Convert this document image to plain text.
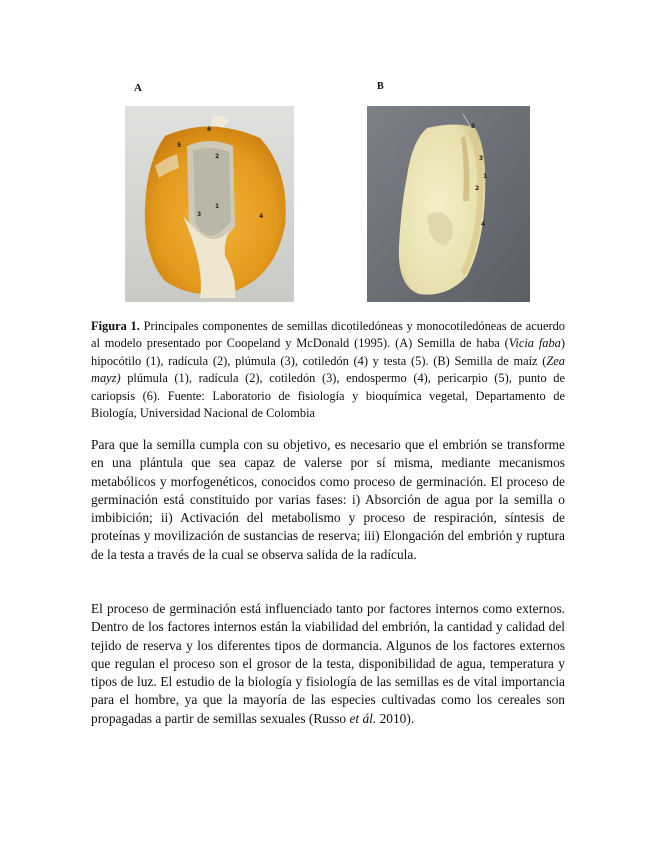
A	B
6
5
2
1
3	4
5
3
1
2
4
Figura 1. Principales componentes de semillas dicotiledóneas y monocotiledóneas de acuerdo al modelo presentado por Coopeland y McDonald (1995). (A) Semilla de haba (Vicia faba) hipocótilo (1), radícula (2), plúmula (3), cotiledón (4) y testa (5). (B) Semilla de maíz (Zea mayz) plúmula (1), radícula (2), cotiledón (3), endospermo (4), pericarpio (5), punto de cariopsis (6). Fuente: Laboratorio de fisiología y bioquímica vegetal, Departamento de Biología, Universidad Nacional de Colombia
Para que la semilla cumpla con su objetivo, es necesario que el embrión se transforme en una plántula que sea capaz de valerse por sí misma, mediante mecanismos metabólicos y morfogenéticos, conocidos como proceso de germinación. El proceso de germinación está constituido por varias fases: i) Absorción de agua por la semilla o imbibición; ii) Activación del metabolismo y proceso de respiración, síntesis de proteínas y movilización de sustancias de reserva; iii) Elongación del embrión y ruptura de la testa a través de la cual se observa salida de la radícula.
El proceso de germinación está influenciado tanto por factores internos como externos. Dentro de los factores internos están la viabilidad del embrión, la cantidad y calidad del tejido de reserva y los diferentes tipos de dormancia. Algunos de los factores externos que regulan el proceso son el grosor de la testa, disponibilidad de agua, temperatura y tipos de luz. El estudio de la biología y fisiología de las semillas es de vital importancia para el hombre, ya que la mayoría de las especies cultivadas como los cereales son propagadas a partir de semillas sexuales (Russo et ál. 2010).
